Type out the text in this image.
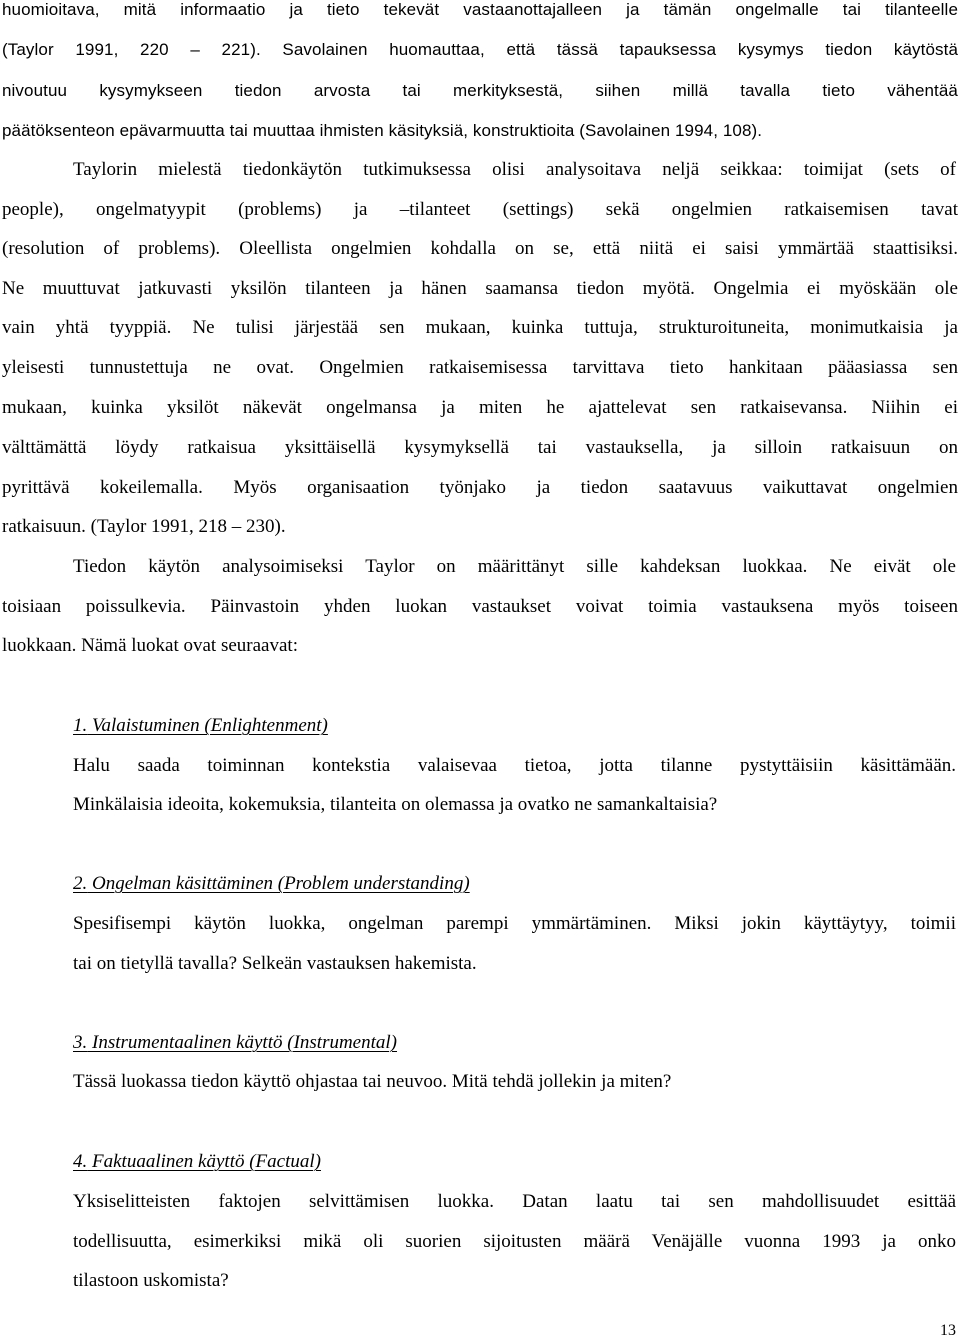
huomioitava, mitä informaatio ja tieto tekevät vastaanottajalleen ja tämän ongelmalle tai tilanteelle

(Taylor 1991, 220 – 221). Savolainen huomauttaa, että tässä tapauksessa kysymys tiedon käytöstä

nivoutuu kysymykseen tiedon arvosta tai merkityksestä, siihen millä tavalla tieto vähentää

päätöksenteon epävarmuutta tai muuttaa ihmisten käsityksiä, konstruktioita (Savolainen 1994, 108).

Taylorin mielestä tiedonkäytön tutkimuksessa olisi analysoitava neljä seikkaa: toimijat (sets of

people), ongelmatyypit (problems) ja –tilanteet (settings) sekä ongelmien ratkaisemisen tavat

(resolution of problems). Oleellista ongelmien kohdalla on se, että niitä ei saisi ymmärtää staattisiksi.

Ne muuttuvat jatkuvasti yksilön tilanteen ja hänen saamansa tiedon myötä. Ongelmia ei myöskään ole

vain yhtä tyyppiä. Ne tulisi järjestää sen mukaan, kuinka tuttuja, strukturoituneita, monimutkaisia ja

yleisesti tunnustettuja ne ovat. Ongelmien ratkaisemisessa tarvittava tieto hankitaan pääasiassa sen

mukaan, kuinka yksilöt näkevät ongelmansa ja miten he ajattelevat sen ratkaisevansa. Niihin ei

välttämättä löydy ratkaisua yksittäisellä kysymyksellä tai vastauksella, ja silloin ratkaisuun on

pyrittävä kokeilemalla. Myös organisaation työnjako ja tiedon saatavuus vaikuttavat ongelmien

ratkaisuun. (Taylor 1991, 218 – 230).

Tiedon käytön analysoimiseksi Taylor on määrittänyt sille kahdeksan luokkaa. Ne eivät ole

toisiaan poissulkevia. Päinvastoin yhden luokan vastaukset voivat toimia vastauksena myös toiseen

luokkaan. Nämä luokat ovat seuraavat:

1. Valaistuminen (Enlightenment)

Halu saada toiminnan kontekstia valaisevaa tietoa, jotta tilanne pystyttäisiin käsittämään.

Minkälaisia ideoita, kokemuksia, tilanteita on olemassa ja ovatko ne samankaltaisia?

2. Ongelman käsittäminen (Problem understanding)

Spesifisempi käytön luokka, ongelman parempi ymmärtäminen. Miksi jokin käyttäytyy, toimii

tai on tietyllä tavalla? Selkeän vastauksen hakemista.

3. Instrumentaalinen käyttö (Instrumental)

Tässä luokassa tiedon käyttö ohjastaa tai neuvoo. Mitä tehdä jollekin ja miten?

4. Faktuaalinen käyttö (Factual)

Yksiselitteisten faktojen selvittämisen luokka. Datan laatu tai sen mahdollisuudet esittää

todellisuutta, esimerkiksi mikä oli suorien sijoitusten määrä Venäjälle vuonna 1993 ja onko

tilastoon uskomista?

13
